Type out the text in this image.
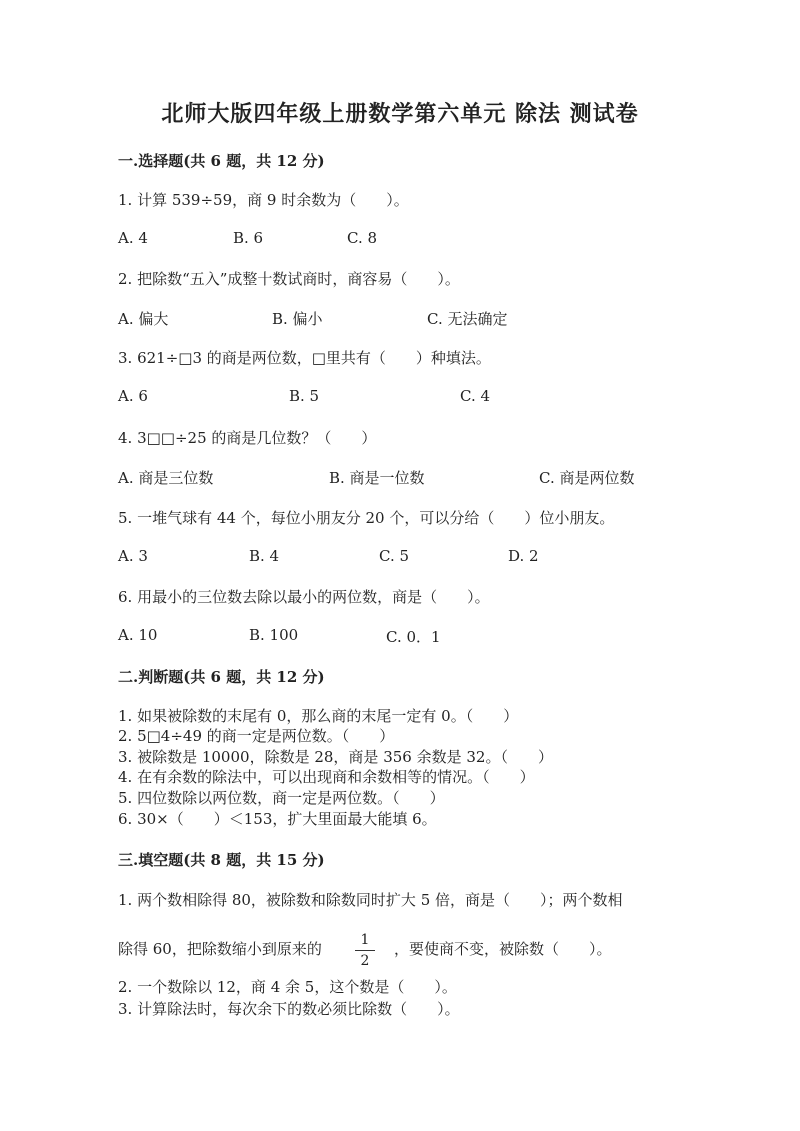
北师大版四年级上册数学第六单元 除法 测试卷
一.选择题(共 6 题，共 12 分)
1. 计算 539÷59，商 9 时余数为（　　）。
A. 4	B. 6	C. 8
2. 把除数“五入”成整十数试商时，商容易（　　）。
A. 偏大	B. 偏小	C. 无法确定
3. 621÷□3 的商是两位数，□里共有（　　）种填法。
A. 6	B. 5	C. 4
4. 3□□÷25 的商是几位数？（　　）
A. 商是三位数	B. 商是一位数	C. 商是两位数
5. 一堆气球有 44 个，每位小朋友分 20 个，可以分给（　　）位小朋友。
A. 3	B. 4	C. 5	D. 2
6. 用最小的三位数去除以最小的两位数，商是（　　）。
A. 10	B. 100	C. 0．1
二.判断题(共 6 题，共 12 分)
1. 如果被除数的末尾有 0，那么商的末尾一定有 0。（　　）
2. 5□4÷49 的商一定是两位数。（　　）
3. 被除数是 10000，除数是 28，商是 356 余数是 32。（　　）
4. 在有余数的除法中，可以出现商和余数相等的情况。（　　）
5. 四位数除以两位数，商一定是两位数。（　　）
6. 30×（　　）＜153，扩大里面最大能填 6。
三.填空题(共 8 题，共 15 分)
1. 两个数相除得 80，被除数和除数同时扩大 5 倍，商是（　　）；两个数相
除得 60，把除数缩小到原来的	1
2
，要使商不变，被除数（　　）。
2. 一个数除以 12，商 4 余 5，这个数是（　　）。
3. 计算除法时，每次余下的数必须比除数（　　）。
